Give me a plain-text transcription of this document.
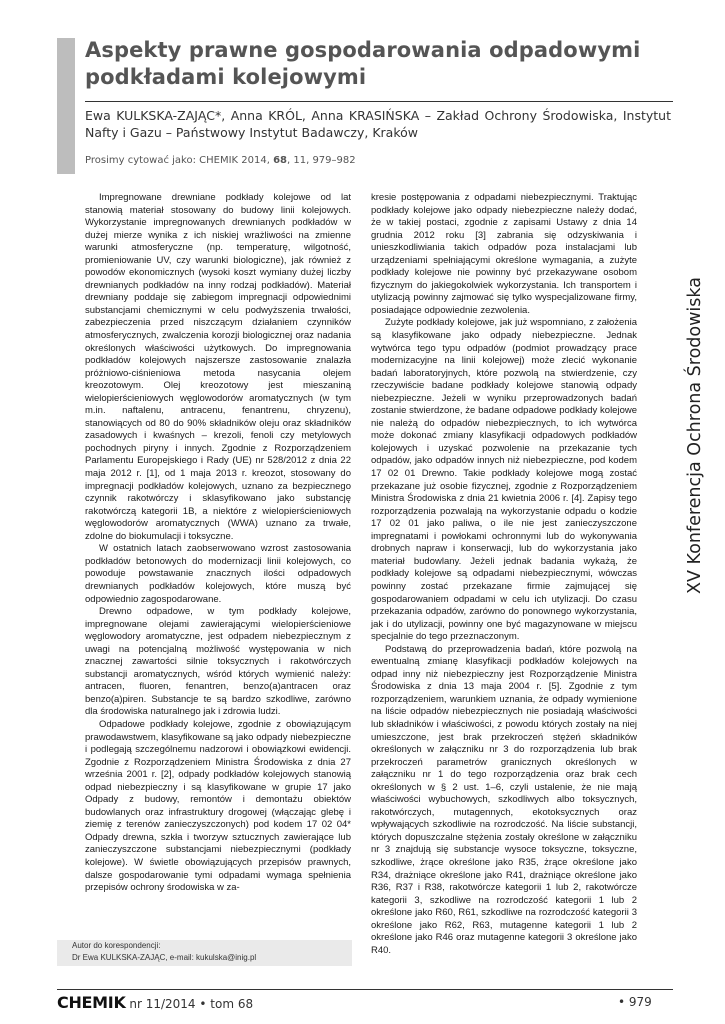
Aspekty prawne gospodarowania odpadowymi podkładami kolejowymi

Ewa KULKSKA-ZAJĄC*, Anna KRÓL, Anna KRASIŃSKA – Zakład Ochrony Środowiska, Instytut Nafty i Gazu – Państwowy Instytut Badawczy, Kraków

Prosimy cytować jako: CHEMIK 2014, 68, 11, 979–982

XV Konferencja Ochrona Środowiska

Impregnowane drewniane podkłady kolejowe od lat stanowią materiał stosowany do budowy linii kolejowych. Wykorzystanie impregnowanych drewnianych podkładów w dużej mierze wynika z ich niskiej wrażliwości na zmienne warunki atmosferyczne (np. temperaturę, wilgotność, promieniowanie UV, czy warunki biologiczne), jak również z powodów ekonomicznych (wysoki koszt wymiany dużej liczby drewnianych podkładów na inny rodzaj podkładów). Materiał drewniany poddaje się zabiegom impregnacji odpowiednimi substancjami chemicznymi w celu podwyższenia trwałości, zabezpieczenia przed niszczącym działaniem czynników atmosferycznych, zwalczenia korozji biologicznej oraz nadania określonych właściwości użytkowych. Do impregnowania podkładów kolejowych najszersze zastosowanie znalazła próżniowo-ciśnieniowa metoda nasycania olejem kreozotowym. Olej kreozotowy jest mieszaniną wielopierścieniowych węglowodorów aromatycznych (w tym m.in. naftalenu, antracenu, fenantrenu, chryzenu), stanowiących od 80 do 90% składników oleju oraz składników zasadowych i kwaśnych – krezoli, fenoli czy metylowych pochodnych piryny i innych. Zgodnie z Rozporządzeniem Parlamentu Europejskiego i Rady (UE) nr 528/2012 z dnia 22 maja 2012 r. [1], od 1 maja 2013 r. kreozot, stosowany do impregnacji podkładów kolejowych, uznano za bezpiecznego czynnik rakotwórczy i sklasyfikowano jako substancję rakotwórczą kategorii 1B, a niektóre z wielopierścieniowych węglowodorów aromatycznych (WWA) uznano za trwałe, zdolne do biokumulacji i toksyczne.

W ostatnich latach zaobserwowano wzrost zastosowania podkładów betonowych do modernizacji linii kolejowych, co powoduje powstawanie znacznych ilości odpadowych drewnianych podkładów kolejowych, które muszą być odpowiednio zagospodarowane.

Drewno odpadowe, w tym podkłady kolejowe, impregnowane olejami zawierającymi wielopierścieniowe węglowodory aromatyczne, jest odpadem niebezpiecznym z uwagi na potencjalną możliwość występowania w nich znacznej zawartości silnie toksycznych i rakotwórczych substancji aromatycznych, wśród których wymienić należy: antracen, fluoren, fenantren, benzo(a)antracen oraz benzo(a)piren. Substancje te są bardzo szkodliwe, zarówno dla środowiska naturalnego jak i zdrowia ludzi.

Odpadowe podkłady kolejowe, zgodnie z obowiązującym prawodawstwem, klasyfikowane są jako odpady niebezpieczne i podlegają szczególnemu nadzorowi i obowiązkowi ewidencji. Zgodnie z Rozporządzeniem Ministra Środowiska z dnia 27 września 2001 r. [2], odpady podkładów kolejowych stanowią odpad niebezpieczny i są klasyfikowane w grupie 17 jako Odpady z budowy, remontów i demontażu obiektów budowlanych oraz infrastruktury drogowej (włączając glebę i ziemię z terenów zanieczyszczonych) pod kodem 17 02 04* Odpady drewna, szkła i tworzyw sztucznych zawierające lub zanieczyszczone substancjami niebezpiecznymi (podkłady kolejowe). W świetle obowiązujących przepisów prawnych, dalsze gospodarowanie tymi odpadami wymaga spełnienia przepisów ochrony środowiska w za-

kresie postępowania z odpadami niebezpiecznymi. Traktując podkłady kolejowe jako odpady niebezpieczne należy dodać, że w takiej postaci, zgodnie z zapisami Ustawy z dnia 14 grudnia 2012 roku [3] zabrania się odzyskiwania i unieszkodliwiania takich odpadów poza instalacjami lub urządzeniami spełniającymi określone wymagania, a zużyte podkłady kolejowe nie powinny być przekazywane osobom fizycznym do jakiegokolwiek wykorzystania. Ich transportem i utylizacją powinny zajmować się tylko wyspecjalizowane firmy, posiadające odpowiednie zezwolenia.

Zużyte podkłady kolejowe, jak już wspomniano, z założenia są klasyfikowane jako odpady niebezpieczne. Jednak wytwórca tego typu odpadów (podmiot prowadzący prace modernizacyjne na linii kolejowej) może zlecić wykonanie badań laboratoryjnych, które pozwolą na stwierdzenie, czy rzeczywiście badane podkłady kolejowe stanowią odpady niebezpieczne. Jeżeli w wyniku przeprowadzonych badań zostanie stwierdzone, że badane odpadowe podkłady kolejowe nie należą do odpadów niebezpiecznych, to ich wytwórca może dokonać zmiany klasyfikacji odpadowych podkładów kolejowych i uzyskać pozwolenie na przekazanie tych odpadów, jako odpadów innych niż niebezpieczne, pod kodem 17 02 01 Drewno. Takie podkłady kolejowe mogą zostać przekazane już osobie fizycznej, zgodnie z Rozporządzeniem Ministra Środowiska z dnia 21 kwietnia 2006 r. [4]. Zapisy tego rozporządzenia pozwalają na wykorzystanie odpadu o kodzie 17 02 01 jako paliwa, o ile nie jest zanieczyszczone impregnatami i powłokami ochronnymi lub do wykonywania drobnych napraw i konserwacji, lub do wykorzystania jako materiał budowlany. Jeżeli jednak badania wykażą, że podkłady kolejowe są odpadami niebezpiecznymi, wówczas powinny zostać przekazane firmie zajmującej się gospodarowaniem odpadami w celu ich utylizacji. Do czasu przekazania odpadów, zarówno do ponownego wykorzystania, jak i do utylizacji, powinny one być magazynowane w miejscu specjalnie do tego przeznaczonym.

Podstawą do przeprowadzenia badań, które pozwolą na ewentualną zmianę klasyfikacji podkładów kolejowych na odpad inny niż niebezpieczny jest Rozporządzenie Ministra Środowiska z dnia 13 maja 2004 r. [5]. Zgodnie z tym rozporządzeniem, warunkiem uznania, że odpady wymienione na liście odpadów niebezpiecznych nie posiadają właściwości lub składników i właściwości, z powodu których zostały na niej umieszczone, jest brak przekroczeń stężeń składników określonych w załączniku nr 3 do rozporządzenia lub brak przekroczeń parametrów granicznych określonych w załączniku nr 1 do tego rozporządzenia oraz brak cech określonych w § 2 ust. 1–6, czyli ustalenie, że nie mają właściwości wybuchowych, szkodliwych albo toksycznych, rakotwórczych, mutagennych, ekotoksycznych oraz wpływających szkodliwie na rozrodczość. Na liście substancji, których dopuszczalne stężenia zostały określone w załączniku nr 3 znajdują się substancje wysoce toksyczne, toksyczne, szkodliwe, żrące określone jako R35, żrące określone jako R34, drażniące określone jako R41, drażniące określone jako R36, R37 i R38, rakotwórcze kategorii 1 lub 2, rakotwórcze kategorii 3, szkodliwe na rozrodczość kategorii 1 lub 2 określone jako R60, R61, szkodliwe na rozrodczość kategorii 3 określone jako R62, R63, mutagenne kategorii 1 lub 2 określone jako R46 oraz mutagenne kategorii 3 określone jako R40.

Autor do korespondencji:
Dr Ewa KULKSKA-ZAJĄC, e-mail: kukulska@inig.pl

CHEMIK nr 11/2014 • tom 68	• 979
